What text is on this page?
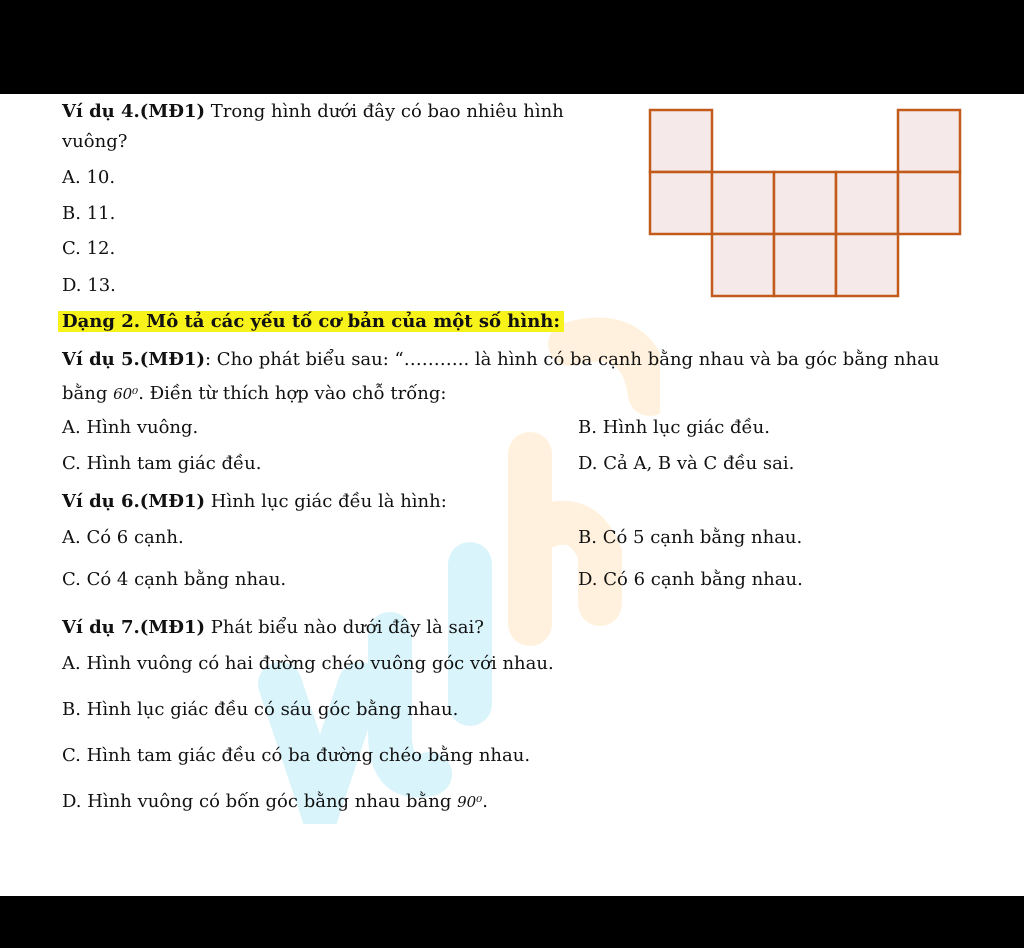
Ví dụ 4.(MĐ1) Trong hình dưới đây có bao nhiêu hình
vuông?
A. 10.
B. 11.
C. 12.
D. 13.
Dạng 2. Mô tả các yếu tố cơ bản của một số hình:
Ví dụ 5.(MĐ1): Cho phát biểu sau: “……….. là hình có ba cạnh bằng nhau và ba góc bằng nhau
bằng 60⁰. Điền từ thích hợp vào chỗ trống:
A. Hình vuông.	B. Hình lục giác đều.
C. Hình tam giác đều.	D. Cả A, B và C đều sai.
Ví dụ 6.(MĐ1) Hình lục giác đều là hình:
A. Có 6 cạnh.	B. Có 5 cạnh bằng nhau.
C. Có 4 cạnh bằng nhau.	D. Có 6 cạnh bằng nhau.
Ví dụ 7.(MĐ1) Phát biểu nào dưới đây là sai?
A. Hình vuông có hai đường chéo vuông góc với nhau.
B. Hình lục giác đều có sáu góc bằng nhau.
C. Hình tam giác đều có ba đường chéo bằng nhau.
D. Hình vuông có bốn góc bằng nhau bằng 90⁰.
